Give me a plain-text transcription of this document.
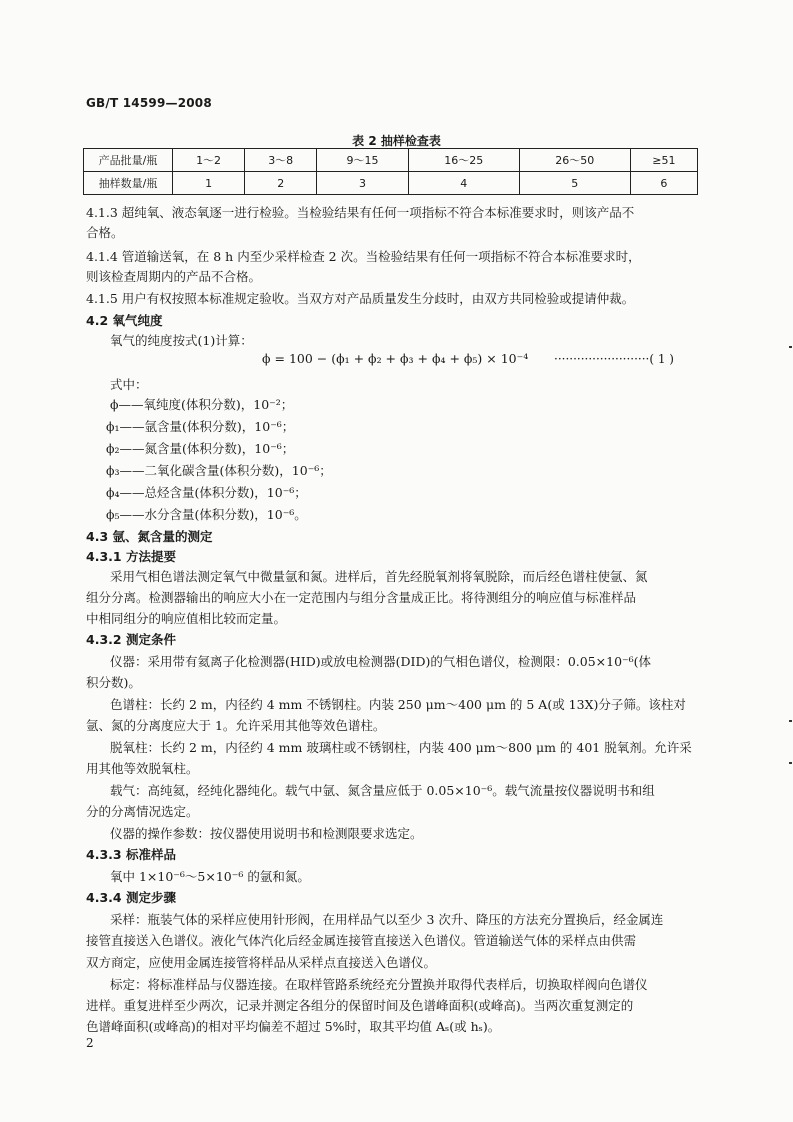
GB/T 14599—2008
表 2 抽样检查表
产品批量/瓶	1～2	3～8	9～15	16～25	26～50	≥51
抽样数量/瓶	1	2	3	4	5	6
4.1.3 超纯氧、液态氧逐一进行检验。当检验结果有任何一项指标不符合本标准要求时，则该产品不
合格。
4.1.4 管道输送氧，在 8 h 内至少采样检查 2 次。当检验结果有任何一项指标不符合本标准要求时，
则该检查周期内的产品不合格。
4.1.5 用户有权按照本标准规定验收。当双方对产品质量发生分歧时，由双方共同检验或提请仲裁。
4.2 氧气纯度
氧气的纯度按式(1)计算：
ϕ = 100 − (ϕ₁ + ϕ₂ + ϕ₃ + ϕ₄ + ϕ₅) × 10⁻⁴ ·························( 1 )
式中：
ϕ——氧纯度(体积分数)，10⁻²；
ϕ₁——氩含量(体积分数)，10⁻⁶；
ϕ₂——氮含量(体积分数)，10⁻⁶；
ϕ₃——二氧化碳含量(体积分数)，10⁻⁶；
ϕ₄——总烃含量(体积分数)，10⁻⁶；
ϕ₅——水分含量(体积分数)，10⁻⁶。
4.3 氩、氮含量的测定
4.3.1 方法提要
采用气相色谱法测定氧气中微量氩和氮。进样后，首先经脱氧剂将氧脱除，而后经色谱柱使氩、氮
组分分离。检测器输出的响应大小在一定范围内与组分含量成正比。将待测组分的响应值与标准样品
中相同组分的响应值相比较而定量。
4.3.2 测定条件
仪器：采用带有氦离子化检测器(HID)或放电检测器(DID)的气相色谱仪，检测限：0.05×10⁻⁶(体
积分数)。
色谱柱：长约 2 m，内径约 4 mm 不锈钢柱。内装 250 μm～400 μm 的 5 A(或 13X)分子筛。该柱对
氩、氮的分离度应大于 1。允许采用其他等效色谱柱。
脱氧柱：长约 2 m，内径约 4 mm 玻璃柱或不锈钢柱，内装 400 μm～800 μm 的 401 脱氧剂。允许采
用其他等效脱氧柱。
载气：高纯氦，经纯化器纯化。载气中氩、氮含量应低于 0.05×10⁻⁶。载气流量按仪器说明书和组
分的分离情况选定。
仪器的操作参数：按仪器使用说明书和检测限要求选定。
4.3.3 标准样品
氧中 1×10⁻⁶～5×10⁻⁶ 的氩和氮。
4.3.4 测定步骤
采样：瓶装气体的采样应使用针形阀，在用样品气以至少 3 次升、降压的方法充分置换后，经金属连
接管直接送入色谱仪。液化气体汽化后经金属连接管直接送入色谱仪。管道输送气体的采样点由供需
双方商定，应使用金属连接管将样品从采样点直接送入色谱仪。
标定：将标准样品与仪器连接。在取样管路系统经充分置换并取得代表样后，切换取样阀向色谱仪
进样。重复进样至少两次，记录并测定各组分的保留时间及色谱峰面积(或峰高)。当两次重复测定的
色谱峰面积(或峰高)的相对平均偏差不超过 5%时，取其平均值 Aₛ(或 hₛ)。
2
